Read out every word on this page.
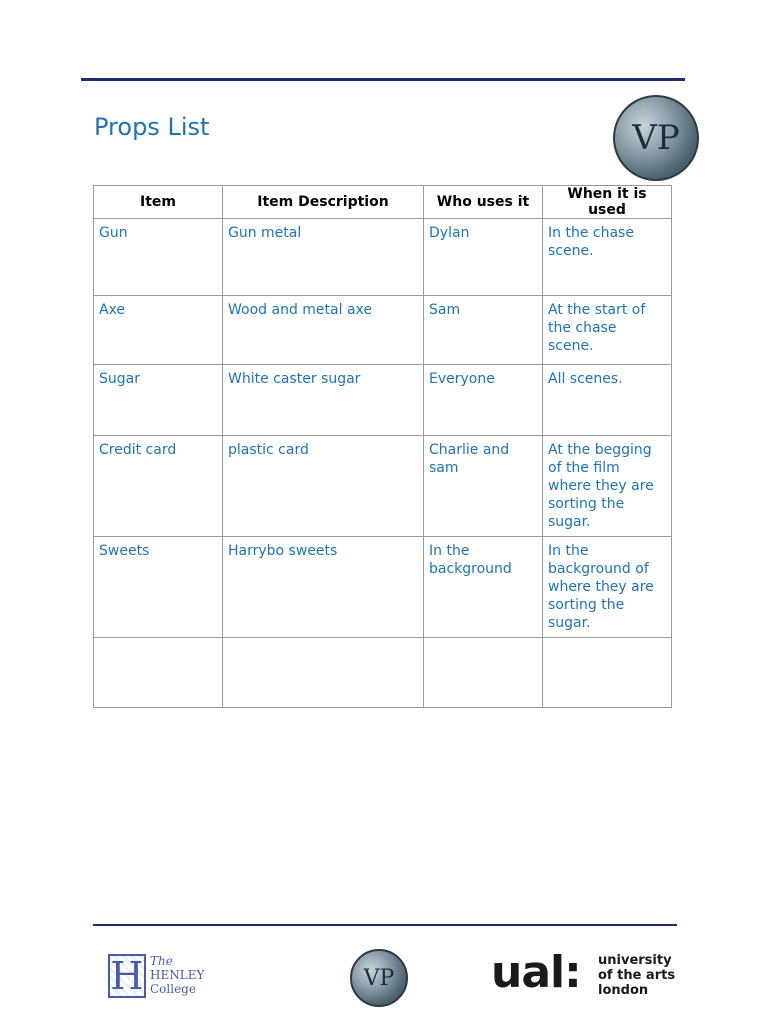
Props List	VP
Item	Item Description	Who uses it	When it is used
Gun	Gun metal	Dylan	In the chase scene.
Axe	Wood and metal axe	Sam	At the start of the chase scene.
Sugar	White caster sugar	Everyone	All scenes.
Credit card	plastic card	Charlie and sam	At the begging of the film where they are sorting the sugar.
Sweets	Harrybo sweets	In the background	In the background of where they are sorting the sugar.

H The
HENLEY
College	VP	ual: university
of the arts
london
